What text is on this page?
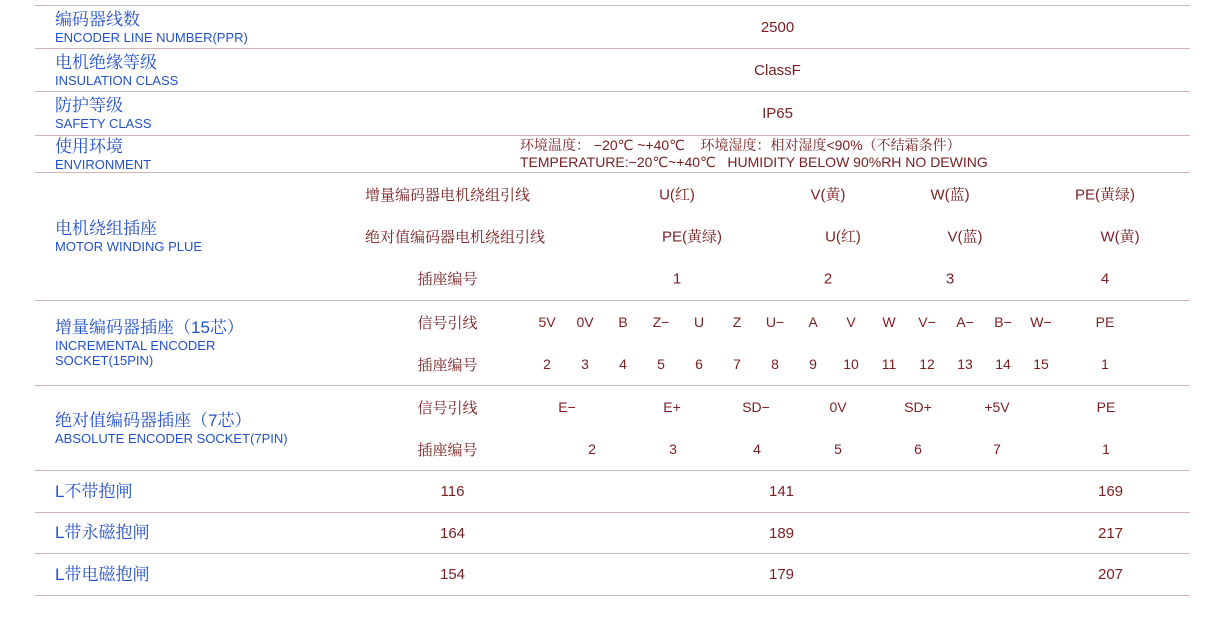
编码器线数
ENCODER LINE NUMBER(PPR)
2500
电机绝缘等级
INSULATION CLASS
ClassF
防护等级
SAFETY CLASS
IP65
使用环境
ENVIRONMENT
环境温度： −20℃ ~+40℃    环境湿度：相对湿度<90%（不结霜条件）
TEMPERATURE:−20℃~+40℃   HUMIDITY BELOW 90%RH NO DEWING
电机绕组插座
MOTOR WINDING PLUE
增量编码器电机绕组引线	U(红)	V(黄)	W(蓝)	PE(黄绿)
绝对值编码器电机绕组引线	PE(黄绿)	U(红)	V(蓝)	W(黄)
插座编号	1	2	3	4
增量编码器插座（15芯）
INCREMENTAL ENCODER
SOCKET(15PIN)
信号引线	5V 0V B Z− U Z U− A V W V− A− B− W−	PE
插座编号	2 3 4 5 6 7 8 9 10 11 12 13 14 15	1
绝对值编码器插座（7芯）
ABSOLUTE ENCODER SOCKET(7PIN)
信号引线	E−	E+	SD−	0V	SD+	+5V	PE
插座编号	2	3	4	5	6	7	1
L不带抱闸	116	141	169
L带永磁抱闸	164	189	217
L带电磁抱闸	154	179	207
